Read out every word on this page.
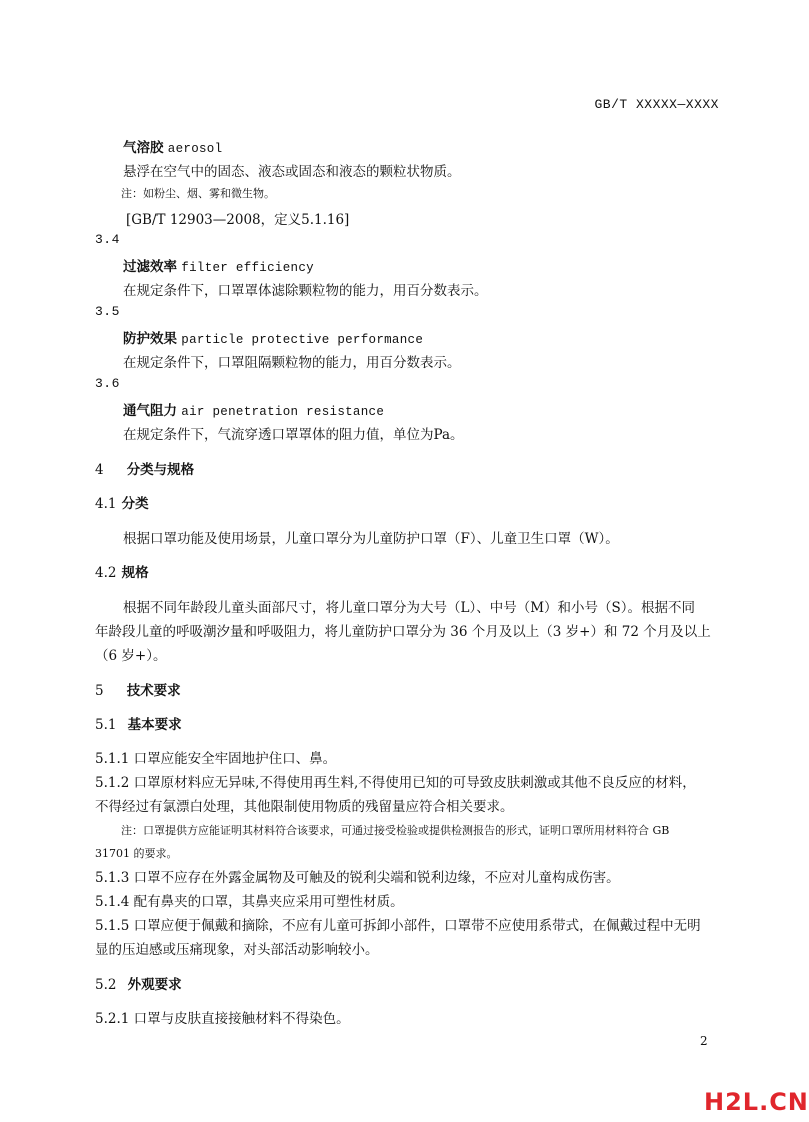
GB/T XXXXX—XXXX
气溶胶 aerosol
悬浮在空气中的固态、液态或固态和液态的颗粒状物质。
注：如粉尘、烟、雾和微生物。
[GB/T 12903—2008，定义5.1.16]
3.4
过滤效率 filter efficiency
在规定条件下，口罩罩体滤除颗粒物的能力，用百分数表示。
3.5
防护效果 particle protective performance
在规定条件下，口罩阻隔颗粒物的能力，用百分数表示。
3.6
通气阻力 air penetration resistance
在规定条件下，气流穿透口罩罩体的阻力值，单位为Pa。
4 分类与规格
4.1 分类
根据口罩功能及使用场景，儿童口罩分为儿童防护口罩（F）、儿童卫生口罩（W）。
4.2 规格
根据不同年龄段儿童头面部尺寸，将儿童口罩分为大号（L）、中号（M）和小号（S）。根据不同
年龄段儿童的呼吸潮汐量和呼吸阻力，将儿童防护口罩分为 36 个月及以上（3 岁+）和 72 个月及以上
（6 岁+）。
5 技术要求
5.1 基本要求
5.1.1 口罩应能安全牢固地护住口、鼻。
5.1.2 口罩原材料应无异味,不得使用再生料,不得使用已知的可导致皮肤刺激或其他不良反应的材料，
不得经过有氯漂白处理，其他限制使用物质的残留量应符合相关要求。
注：口罩提供方应能证明其材料符合该要求，可通过接受检验或提供检测报告的形式，证明口罩所用材料符合 GB
31701 的要求。
5.1.3 口罩不应存在外露金属物及可触及的锐利尖端和锐利边缘，不应对儿童构成伤害。
5.1.4 配有鼻夹的口罩，其鼻夹应采用可塑性材质。
5.1.5 口罩应便于佩戴和摘除，不应有儿童可拆卸小部件，口罩带不应使用系带式，在佩戴过程中无明
显的压迫感或压痛现象，对头部活动影响较小。
5.2 外观要求
5.2.1 口罩与皮肤直接接触材料不得染色。
2
H2L.CN
